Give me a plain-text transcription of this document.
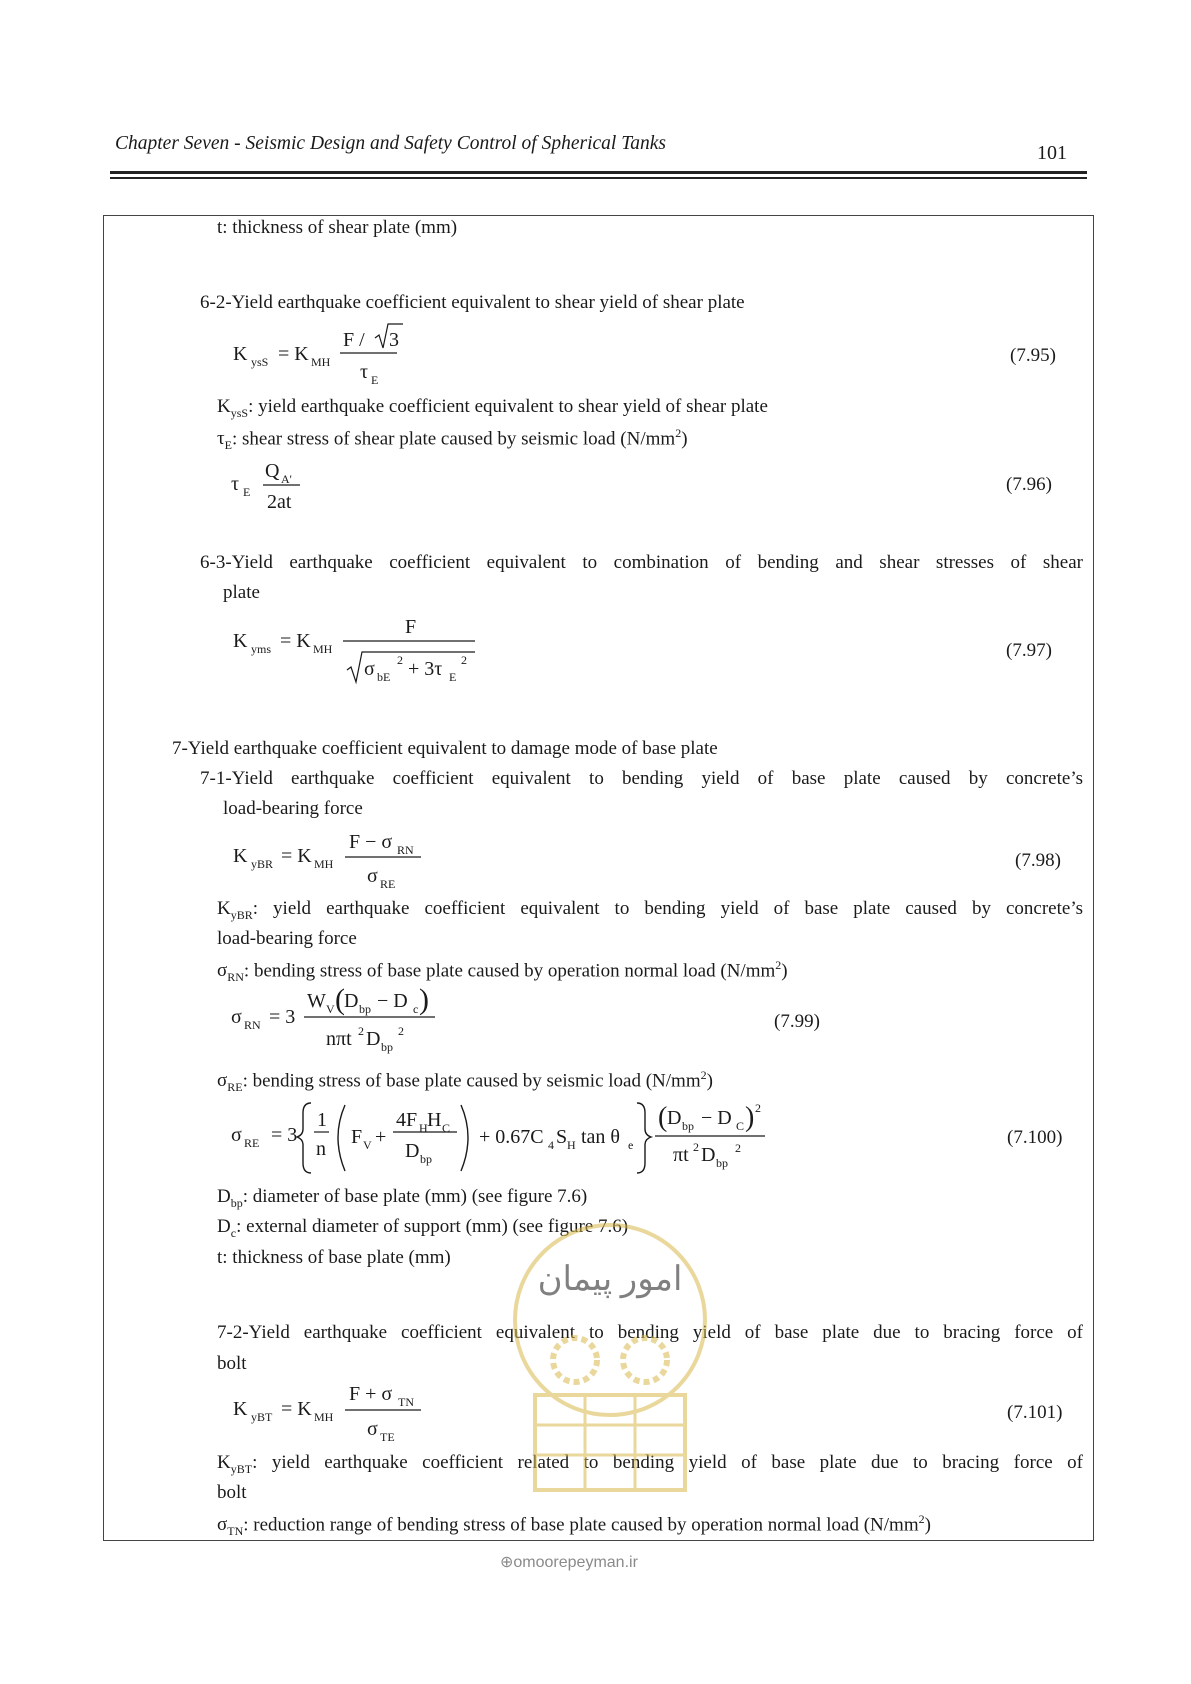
Chapter Seven - Seismic Design and Safety Control of Spherical Tanks	101
t: thickness of shear plate (mm)
6-2-Yield earthquake coefficient equivalent to shear yield of shear plate
K ysS = K MH
F / 3
τ E
(7.95)
$K_{ysS}$: yield earthquake coefficient equivalent to shear yield of shear plate
$\tau_E$: shear stress of shear plate caused by seismic load $(N/mm^2)$
τ E
Q A'
2at
(7.96)
6-3-Yield earthquake coefficient equivalent to combination of bending and shear stresses of shear
plate
K yms = K MH
F
σ bE
2 + 3τ E
2	(7.97)
7-Yield earthquake coefficient equivalent to damage mode of base plate
7-1-Yield earthquake coefficient equivalent to bending yield of base plate caused by concrete’s
load-bearing force
K yBR = K MH
F − σ RN
σ RE
(7.98)
$K_{yBR}$: yield earthquake coefficient equivalent to bending yield of base plate caused by concrete’s
load-bearing force
$\sigma_{RN}$: bending stress of base plate caused by operation normal load $(N/mm^2)$
σ RN = 3
W V ( D bp − D c )
nπt 2 D bp
2	(7.99)
$\sigma_{RE}$: bending stress of base plate caused by seismic load $(N/mm^2)$
σ RE = 3
1
n
F V +
4F H H C
D bp
+ 0.67C 4 S H tan θ e
( D bp − D C ) 2
πt 2 D bp
2	(7.100)
$D_{bp}$: diameter of base plate (mm) (see figure 7.6)
$D_c$: external diameter of support (mm) (see figure 7.6)
t: thickness of base plate (mm)
7-2-Yield earthquake coefficient equivalent to bending yield of base plate due to bracing force of
bolt
K yBT = K MH
F + σ TN
σ TE
(7.101)
$K_{yBT}$: yield earthquake coefficient related to bending yield of base plate due to bracing force of
bolt
$\sigma_{TN}$: reduction range of bending stress of base plate caused by operation normal load $(N/mm^2)$
امور پیمان
⊕omoorepeyman.ir
